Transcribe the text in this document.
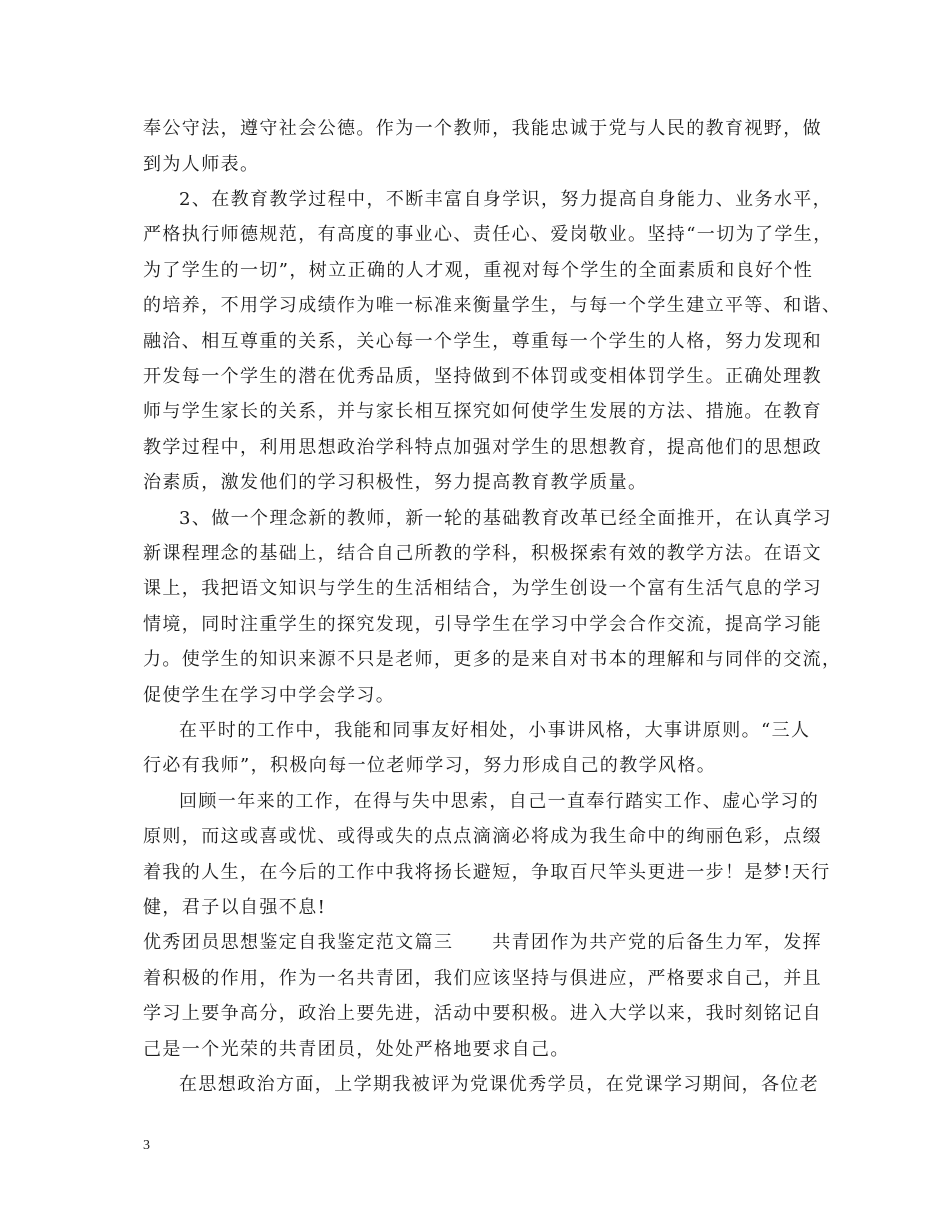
奉公守法，遵守社会公德。作为一个教师，我能忠诚于党与人民的教育视野，做
到为人师表。
2、在教育教学过程中，不断丰富自身学识，努力提高自身能力、业务水平，
严格执行师德规范，有高度的事业心、责任心、爱岗敬业。坚持“一切为了学生，
为了学生的一切”，树立正确的人才观，重视对每个学生的全面素质和良好个性
的培养，不用学习成绩作为唯一标准来衡量学生，与每一个学生建立平等、和谐、
融洽、相互尊重的关系，关心每一个学生，尊重每一个学生的人格，努力发现和
开发每一个学生的潜在优秀品质，坚持做到不体罚或变相体罚学生。正确处理教
师与学生家长的关系，并与家长相互探究如何使学生发展的方法、措施。在教育
教学过程中，利用思想政治学科特点加强对学生的思想教育，提高他们的思想政
治素质，激发他们的学习积极性，努力提高教育教学质量。
3、做一个理念新的教师，新一轮的基础教育改革已经全面推开，在认真学习
新课程理念的基础上，结合自己所教的学科，积极探索有效的教学方法。在语文
课上，我把语文知识与学生的生活相结合，为学生创设一个富有生活气息的学习
情境，同时注重学生的探究发现，引导学生在学习中学会合作交流，提高学习能
力。使学生的知识来源不只是老师，更多的是来自对书本的理解和与同伴的交流，
促使学生在学习中学会学习。
在平时的工作中，我能和同事友好相处，小事讲风格，大事讲原则。“三人
行必有我师”，积极向每一位老师学习，努力形成自己的教学风格。
回顾一年来的工作，在得与失中思索，自己一直奉行踏实工作、虚心学习的
原则，而这或喜或忧、或得或失的点点滴滴必将成为我生命中的绚丽色彩，点缀
着我的人生，在今后的工作中我将扬长避短，争取百尺竿头更进一步！是梦!天行
健，君子以自强不息!
优秀团员思想鉴定自我鉴定范文篇三　　共青团作为共产党的后备生力军，发挥
着积极的作用，作为一名共青团，我们应该坚持与俱进应，严格要求自己，并且
学习上要争高分，政治上要先进，活动中要积极。进入大学以来，我时刻铭记自
己是一个光荣的共青团员，处处严格地要求自己。
在思想政治方面，上学期我被评为党课优秀学员，在党课学习期间，各位老
3
